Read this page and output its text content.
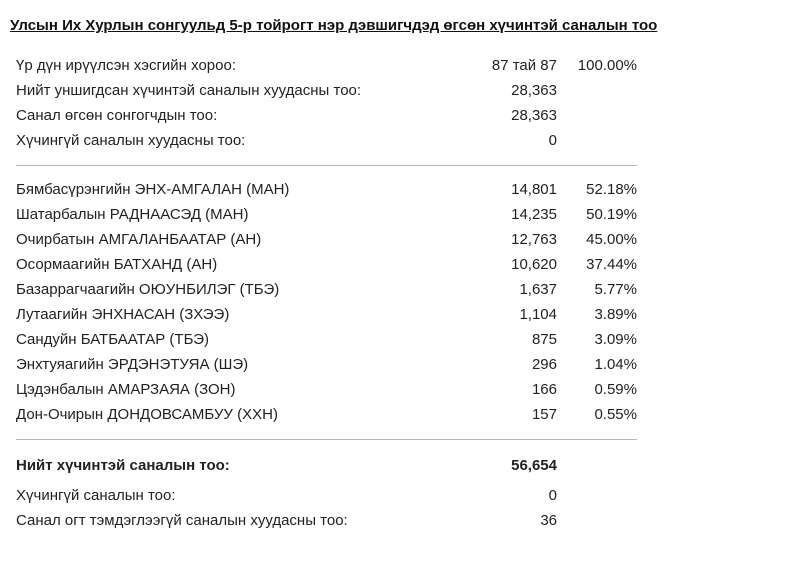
Улсын Их Хурлын сонгуульд 5-р тойрогт нэр дэвшигчдэд өгсөн хүчинтэй саналын тоо
Үр дүн ирүүлсэн хэсгийн хороо:	87 тай 87 100.00%
Нийт уншигдсан хүчинтэй саналын хуудасны тоо:	28,363
Санал өгсөн сонгогчдын тоо:	28,363
Хүчингүй саналын хуудасны тоо:	0
Бямбасүрэнгийн ЭНХ-АМГАЛАН (МАН)	14,801 52.18%
Шатарбалын РАДНААСЭД (МАН)	14,235 50.19%
Очирбатын АМГАЛАНБААТАР (АН)	12,763 45.00%
Осормаагийн БАТХАНД (АН)	10,620 37.44%
Базаррагчаагийн ОЮУНБИЛЭГ (ТБЭ)	1,637 5.77%
Лутаагийн ЭНХНАСАН (ЗХЭЭ)	1,104 3.89%
Сандуйн БАТБААТАР (ТБЭ)	875 3.09%
Энхтуяагийн ЭРДЭНЭТУЯА (ШЭ)	296 1.04%
Цэдэнбалын АМАРЗАЯА (ЗОН)	166 0.59%
Дон-Очирын ДОНДОВСАМБУУ (ХХН)	157 0.55%
Нийт хүчинтэй саналын тоо:	56,654
Хүчингүй саналын тоо:	0
Санал огт тэмдэглээгүй саналын хуудасны тоо:	36
